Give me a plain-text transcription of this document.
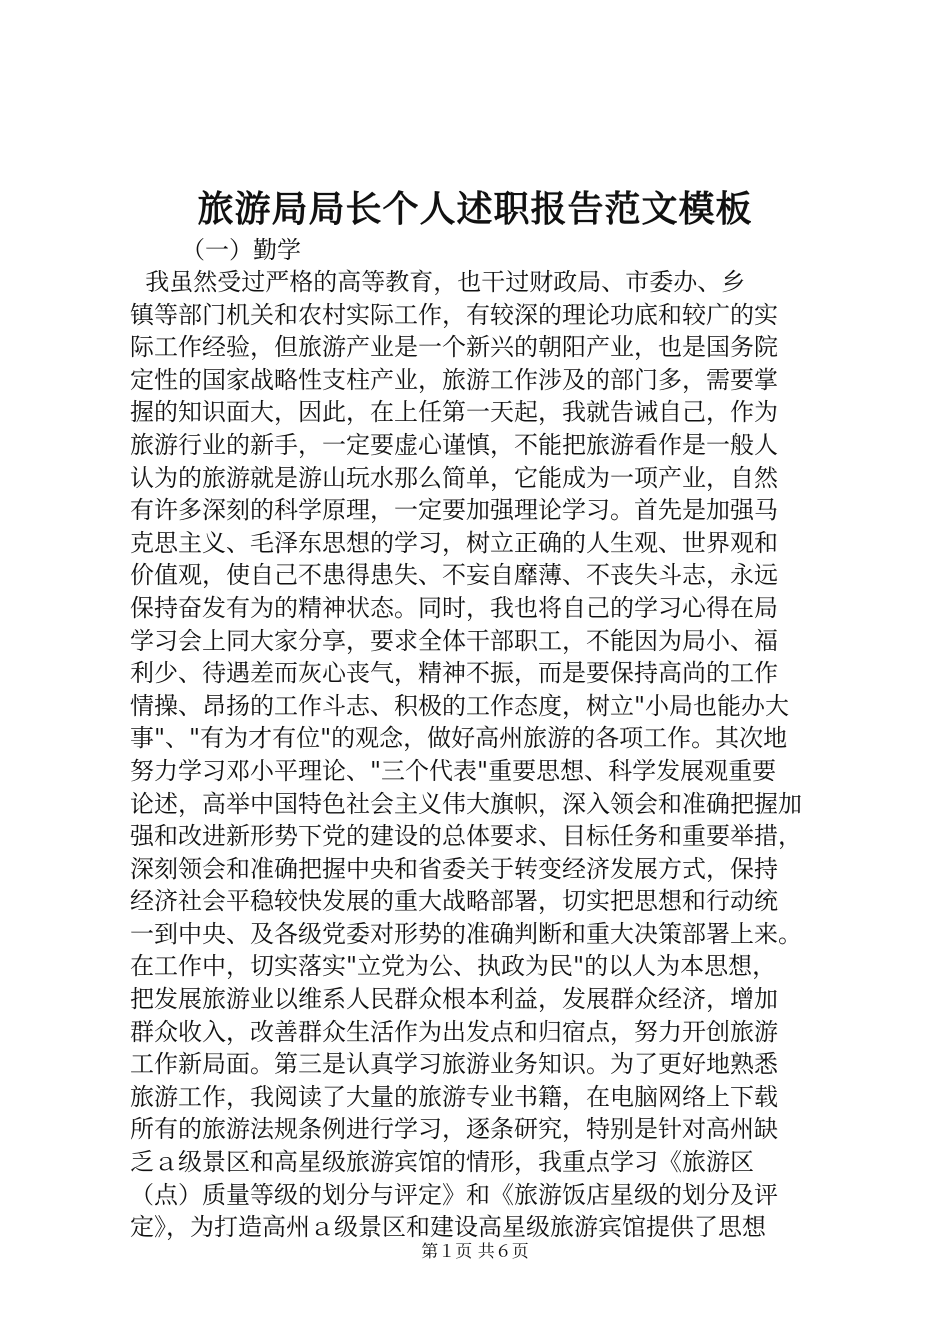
旅游局局长个人述职报告范文模板
（一）勤学

我虽然受过严格的高等教育，也干过财政局、市委办、乡
镇等部门机关和农村实际工作，有较深的理论功底和较广的实
际工作经验，但旅游产业是一个新兴的朝阳产业，也是国务院
定性的国家战略性支柱产业，旅游工作涉及的部门多，需要掌
握的知识面大，因此，在上任第一天起，我就告诫自己，作为
旅游行业的新手，一定要虚心谨慎，不能把旅游看作是一般人
认为的旅游就是游山玩水那么简单，它能成为一项产业，自然
有许多深刻的科学原理，一定要加强理论学习。首先是加强马
克思主义、毛泽东思想的学习，树立正确的人生观、世界观和
价值观，使自己不患得患失、不妄自靡薄、不丧失斗志，永远
保持奋发有为的精神状态。同时，我也将自己的学习心得在局
学习会上同大家分享，要求全体干部职工，不能因为局小、福
利少、待遇差而灰心丧气，精神不振，而是要保持高尚的工作
情操、昂扬的工作斗志、积极的工作态度，树立"小局也能办大
事"、"有为才有位"的观念，做好高州旅游的各项工作。其次地
努力学习邓小平理论、"三个代表"重要思想、科学发展观重要
论述，高举中国特色社会主义伟大旗帜，深入领会和准确把握加
强和改进新形势下党的建设的总体要求、目标任务和重要举措，
深刻领会和准确把握中央和省委关于转变经济发展方式，保持
经济社会平稳较快发展的重大战略部署，切实把思想和行动统
一到中央、及各级党委对形势的准确判断和重大决策部署上来。
在工作中，切实落实"立党为公、执政为民"的以人为本思想，
把发展旅游业以维系人民群众根本利益，发展群众经济，增加
群众收入，改善群众生活作为出发点和归宿点，努力开创旅游
工作新局面。第三是认真学习旅游业务知识。为了更好地熟悉
旅游工作，我阅读了大量的旅游专业书籍，在电脑网络上下载
所有的旅游法规条例进行学习，逐条研究，特别是针对高州缺
乏ａ级景区和高星级旅游宾馆的情形，我重点学习《旅游区
（点）质量等级的划分与评定》和《旅游饭店星级的划分及评
定》，为打造高州ａ级景区和建设高星级旅游宾馆提供了思想

第１页 共６页
